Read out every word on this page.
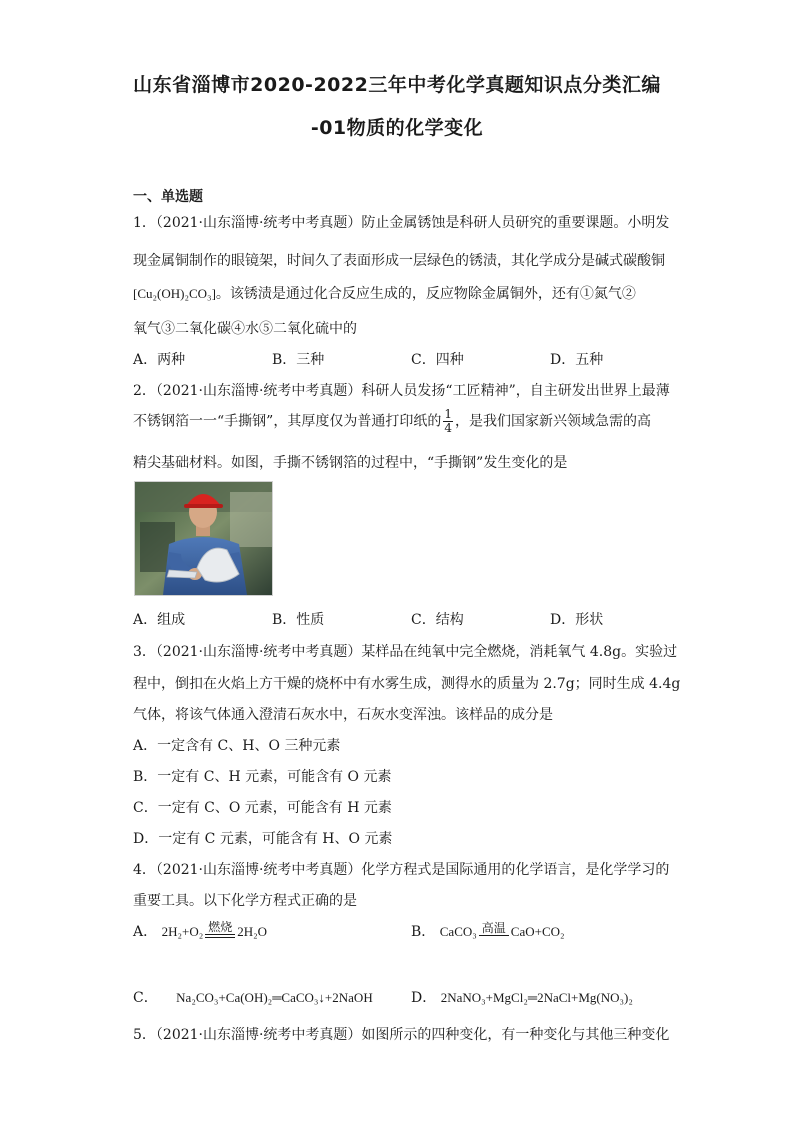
山东省淄博市2020-2022三年中考化学真题知识点分类汇编
-01物质的化学变化
一、单选题
1．（2021·山东淄博·统考中考真题）防止金属锈蚀是科研人员研究的重要课题。小明发
现金属铜制作的眼镜架，时间久了表面形成一层绿色的锈渍，其化学成分是碱式碳酸铜
[Cu₂(OH)₂CO₃]。该锈渍是通过化合反应生成的，反应物除金属铜外，还有①氮气②
氧气③二氧化碳④水⑤二氧化硫中的
A．两种	B．三种	C．四种	D．五种
2．（2021·山东淄博·统考中考真题）科研人员发扬“工匠精神”，自主研发出世界上最薄
不锈钢箔一一“手撕钢”，其厚度仅为普通打印纸的 $\frac{1}{4}$ ，是我们国家新兴领域急需的高
精尖基础材料。如图，手撕不锈钢箔的过程中，“手撕钢”发生变化的是
A．组成	B．性质	C．结构	D．形状
3．（2021·山东淄博·统考中考真题）某样品在纯氧中完全燃烧，消耗氧气 4.8g。实验过
程中，倒扣在火焰上方干燥的烧杯中有水雾生成，测得水的质量为 2.7g；同时生成 4.4g
气体，将该气体通入澄清石灰水中，石灰水变浑浊。该样品的成分是
A．一定含有 C、H、O 三种元素
B．一定有 C、H 元素，可能含有 O 元素
C．一定有 C、O 元素，可能含有 H 元素
D．一定有 C 元素，可能含有 H、O 元素
4．（2021·山东淄博·统考中考真题）化学方程式是国际通用的化学语言，是化学学习的
重要工具。以下化学方程式正确的是
A． 2H₂+O₂ 燃烧 2H₂O	B． CaCO₃ 高温 CaO+CO₂
C． Na₂CO₃+Ca(OH)₂═CaCO₃↓+2NaOH	D． 2NaNO₃+MgCl₂═2NaCl+Mg(NO₃)₂
5．（2021·山东淄博·统考中考真题）如图所示的四种变化，有一种变化与其他三种变化
